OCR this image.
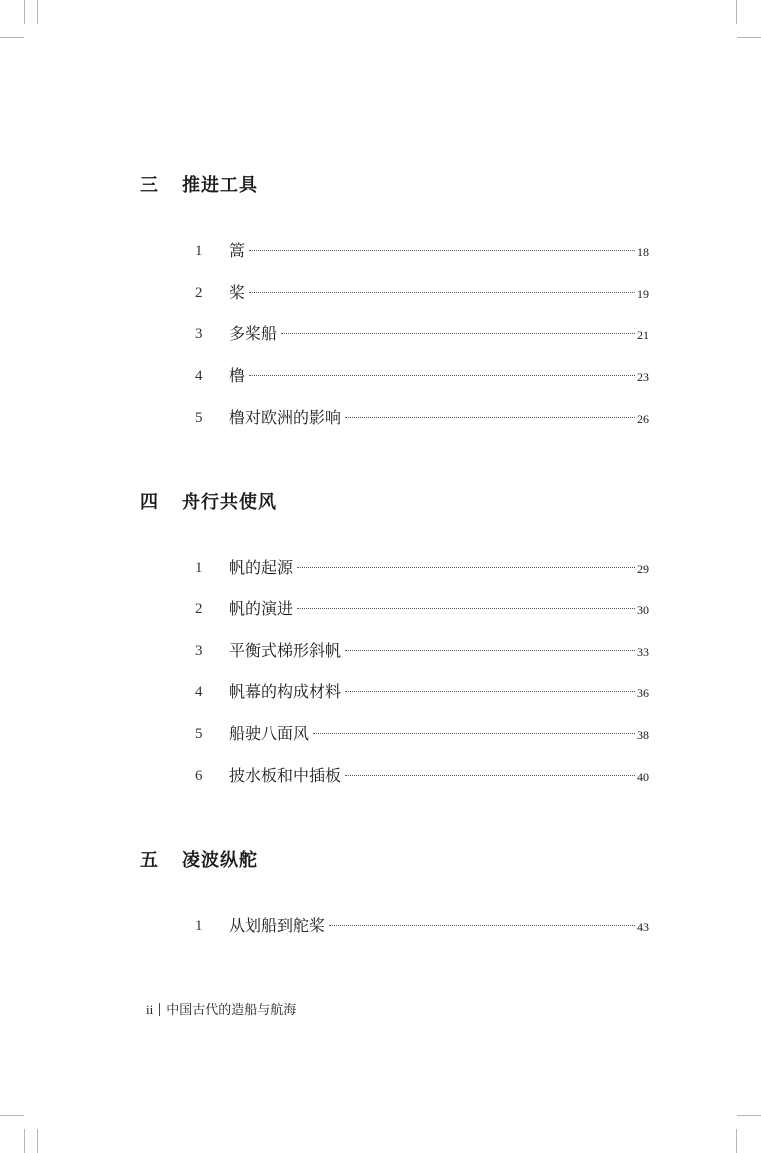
三 推进工具
1	篙	18
2	桨	19
3	多桨船	21
4	橹	23
5	橹对欧洲的影响	26
四 舟行共使风
1	帆的起源	29
2	帆的演进	30
3	平衡式梯形斜帆	33
4	帆幕的构成材料	36
5	船驶八面风	38
6	披水板和中插板	40
五 凌波纵舵
1	从划船到舵桨	43
ii 中国古代的造船与航海
